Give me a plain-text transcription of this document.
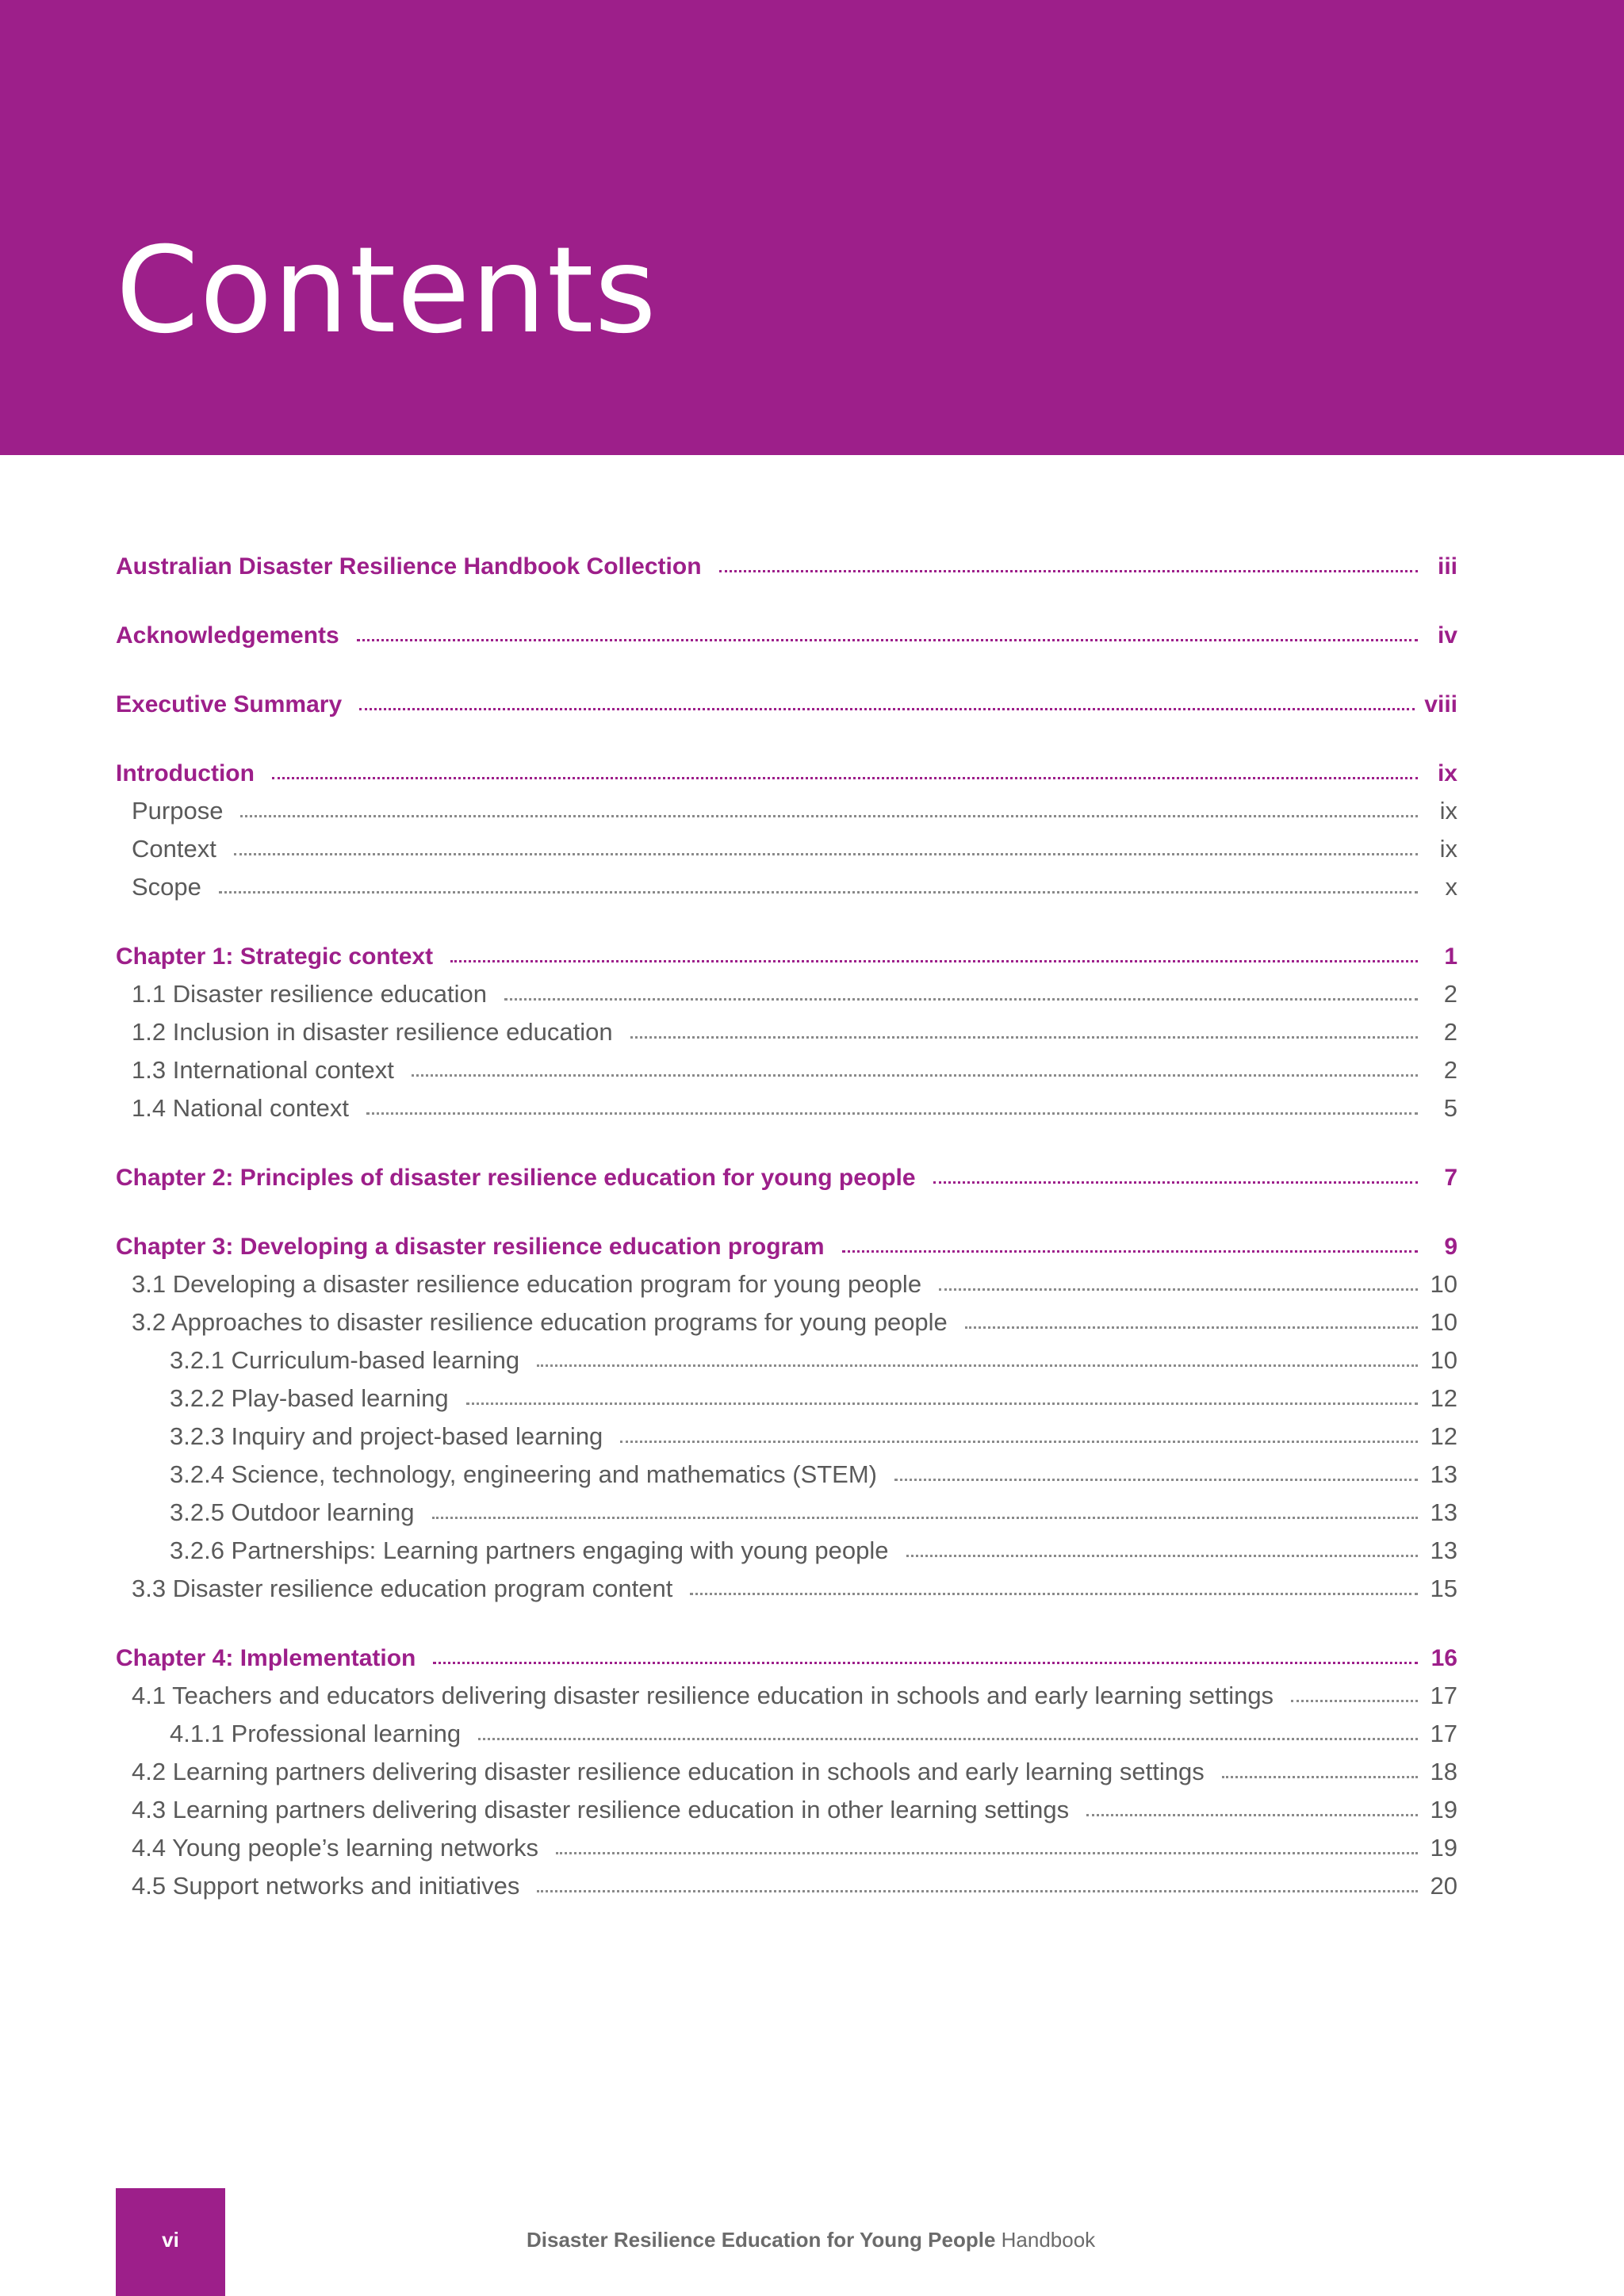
Contents
Australian Disaster Resilience Handbook Collection	iii
Acknowledgements	iv
Executive Summary	viii
Introduction	ix
Purpose	ix
Context	ix
Scope	x
Chapter 1: Strategic context	1
1.1 Disaster resilience education	2
1.2 Inclusion in disaster resilience education	2
1.3 International context	2
1.4 National context	5
Chapter 2: Principles of disaster resilience education for young people	7
Chapter 3: Developing a disaster resilience education program	9
3.1 Developing a disaster resilience education program for young people	10
3.2 Approaches to disaster resilience education programs for young people	10
3.2.1 Curriculum-based learning	10
3.2.2 Play-based learning	12
3.2.3 Inquiry and project-based learning	12
3.2.4 Science, technology, engineering and mathematics (STEM)	13
3.2.5 Outdoor learning	13
3.2.6 Partnerships: Learning partners engaging with young people	13
3.3 Disaster resilience education program content	15
Chapter 4: Implementation	16
4.1 Teachers and educators delivering disaster resilience education in schools and early learning settings	17
4.1.1 Professional learning	17
4.2 Learning partners delivering disaster resilience education in schools and early learning settings	18
4.3 Learning partners delivering disaster resilience education in other learning settings	19
4.4 Young people’s learning networks	19
4.5 Support networks and initiatives	20
vi	Disaster Resilience Education for Young People Handbook
